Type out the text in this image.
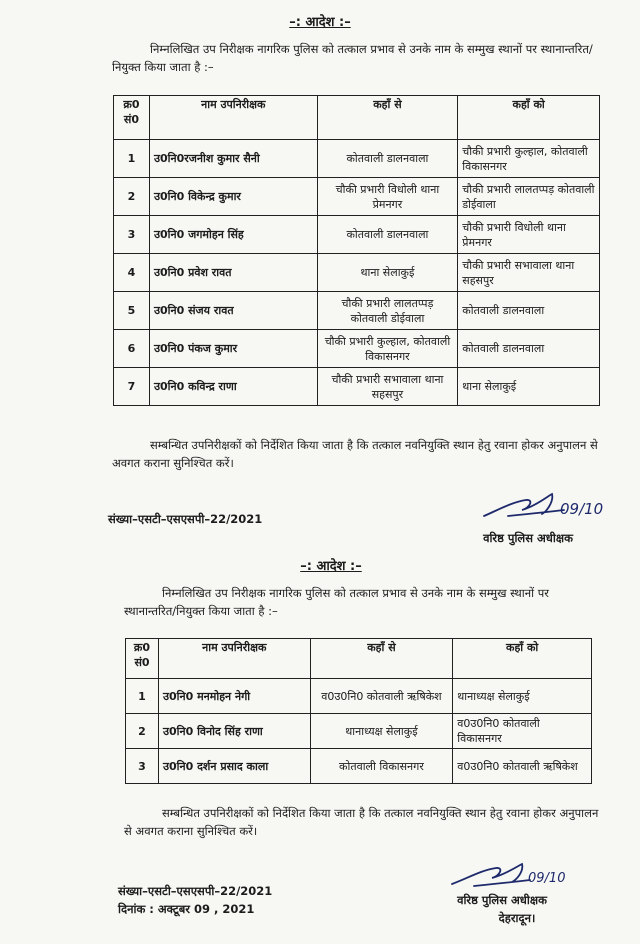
–: आदेश :–
निम्नलिखित उप निरीक्षक नागरिक पुलिस को तत्काल प्रभाव से उनके नाम के सम्मुख स्थानों पर स्थानान्तरित/नियुक्त किया जाता है :–
क्र0 सं0	नाम उपनिरीक्षक	कहाँ से	कहाँ को
1	उ0नि0रजनीश कुमार सैनी	कोतवाली डालनवाला	चौकी प्रभारी कुल्हाल, कोतवाली विकासनगर
2	उ0नि0 विकेन्द्र कुमार	चौकी प्रभारी विधोली थाना प्रेमनगर	चौकी प्रभारी लालतप्पड़ कोतवाली डोईवाला
3	उ0नि0 जगमोहन सिंह	कोतवाली डालनवाला	चौकी प्रभारी विधोली थाना प्रेमनगर
4	उ0नि0 प्रवेश रावत	थाना सेलाकुई	चौकी प्रभारी सभावाला थाना सहसपुर
5	उ0नि0 संजय रावत	चौकी प्रभारी लालतप्पड़ कोतवाली डोईवाला	कोतवाली डालनवाला
6	उ0नि0 पंकज कुमार	चौकी प्रभारी कुल्हाल, कोतवाली विकासनगर	कोतवाली डालनवाला
7	उ0नि0 कविन्द्र राणा	चौकी प्रभारी सभावाला थाना सहसपुर	थाना सेलाकुई
सम्बन्धित उपनिरीक्षकों को निर्देशित किया जाता है कि तत्काल नवनियुक्ति स्थान हेतु रवाना होकर अनुपालन से अवगत कराना सुनिश्चित करें।
संख्या–एसटी–एसएसपी–22/2021
09/10
वरिष्ठ पुलिस अधीक्षक
–: आदेश :–
निम्नलिखित उप निरीक्षक नागरिक पुलिस को तत्काल प्रभाव से उनके नाम के सम्मुख स्थानों पर स्थानान्तरित/नियुक्त किया जाता है :–
क्र0 सं0	नाम उपनिरीक्षक	कहाँ से	कहाँ को
1	उ0नि0 मनमोहन नेगी	व0उ0नि0 कोतवाली ऋषिकेश	थानाध्यक्ष सेलाकुई
2	उ0नि0 विनोद सिंह राणा	थानाध्यक्ष सेलाकुई	व0उ0नि0 कोतवाली विकासनगर
3	उ0नि0 दर्शन प्रसाद काला	कोतवाली विकासनगर	व0उ0नि0 कोतवाली ऋषिकेश
सम्बन्धित उपनिरीक्षकों को निर्देशित किया जाता है कि तत्काल नवनियुक्ति स्थान हेतु रवाना होकर अनुपालन से अवगत कराना सुनिश्चित करें।
संख्या–एसटी–एसएसपी–22/2021
दिनांक : अक्टूबर 09 , 2021
09/10
वरिष्ठ पुलिस अधीक्षक
देहरादून।
